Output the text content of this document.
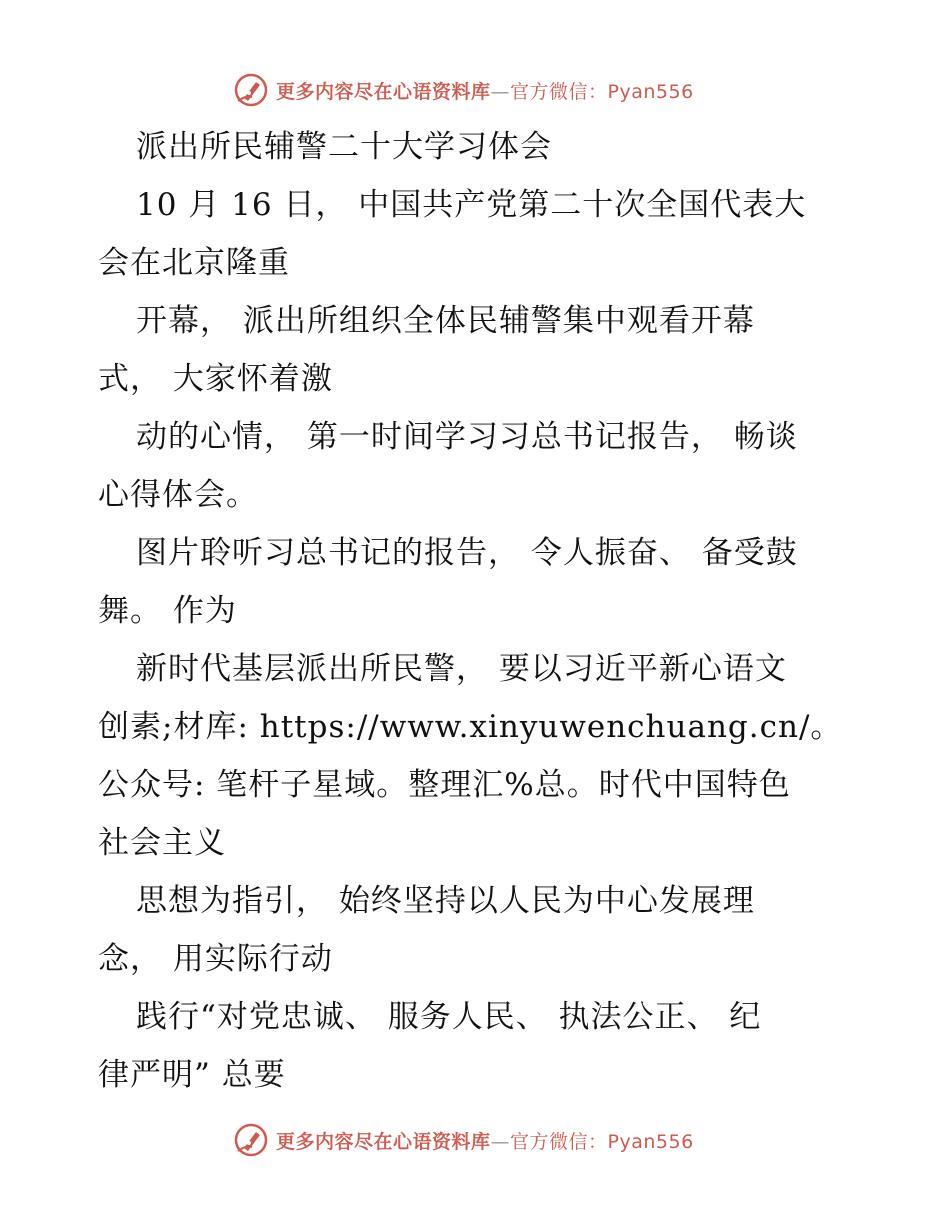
更多内容尽在心语资料库—官方微信：Pyan556
派出所民辅警二十大学习体会
10 月 16 日， 中国共产党第二十次全国代表大
会在北京隆重
开幕， 派出所组织全体民辅警集中观看开幕
式， 大家怀着激
动的心情， 第一时间学习习总书记报告， 畅谈
心得体会。
图片聆听习总书记的报告， 令人振奋、 备受鼓
舞。 作为
新时代基层派出所民警， 要以习近平新心语文
创素;材库: https://www.xinyuwenchuang.cn/。
公众号: 笔杆子星域。整理汇%总。时代中国特色
社会主义
思想为指引， 始终坚持以人民为中心发展理
念， 用实际行动
践行“对党忠诚、 服务人民、 执法公正、 纪
律严明” 总要
更多内容尽在心语资料库—官方微信：Pyan556
